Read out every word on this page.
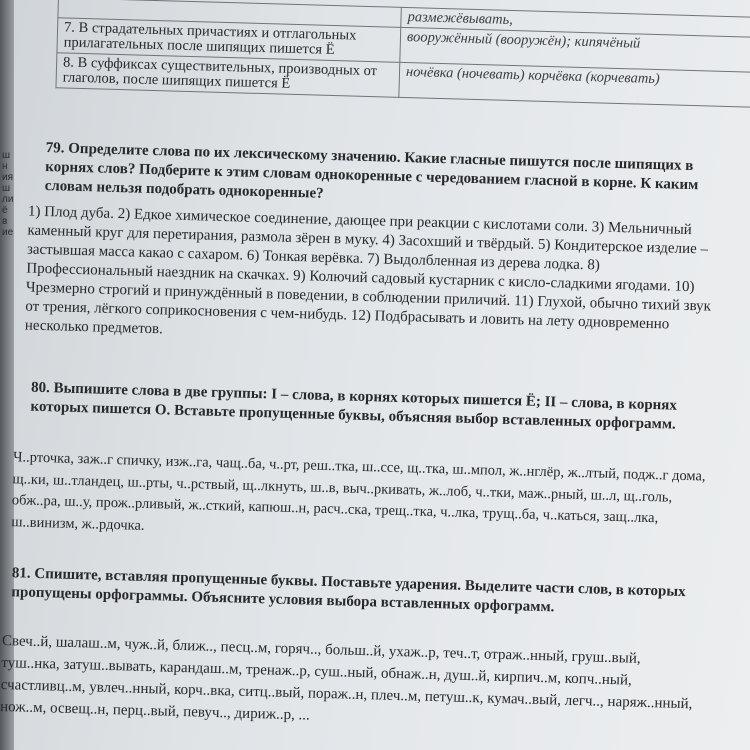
шн ия шли ё в ие
	размежёвывать,
7. В страдательных причастиях и отглагольных прилагательных после шипящих пишется Ё	вооружённый (вооружён); кипячёный
8. В суффиксах существительных, производных от глаголов, после шипящих пишется Ё	ночёвка (ночевать) корчёвка (корчевать)
79. Определите слова по их лексическому значению. Какие гласные пишутся после шипящих в корнях слов? Подберите к этим словам однокоренные с чередованием гласной в корне. К каким словам нельзя подобрать однокоренные?
1) Плод дуба. 2) Едкое химическое соединение, дающее при реакции с кислотами соли. 3) Мельничный каменный круг для перетирания, размола зёрен в муку. 4) Засохший и твёрдый. 5) Кондитерское изделие – застывшая масса какао с сахаром. 6) Тонкая верёвка. 7) Выдолбленная из дерева лодка. 8) Профессиональный наездник на скачках. 9) Колючий садовый кустарник с кисло-сладкими ягодами. 10) Чрезмерно строгий и принуждённый в поведении, в соблюдении приличий. 11) Глухой, обычно тихий звук от трения, лёгкого соприкосновения с чем-нибудь. 12) Подбрасывать и ловить на лету одновременно несколько предметов.
80. Выпишите слова в две группы: I – слова, в корнях которых пишется Ё; II – слова, в корнях которых пишется О. Вставьте пропущенные буквы, объясняя выбор вставленных орфограмм.
Ч..рточка, заж..г спичку, изж..га, чащ..ба, ч..рт, реш..тка, ш..ссе, щ..тка, ш..мпол, ж..нглёр, ж..лтый, подж..г дома, щ..ки, ш..тландец, ш..рты, ч..рствый, щ..лкнуть, ш..в, выч..ркивать, ж..лоб, ч..тки, маж..рный, ш..л, щ..голь, обж..ра, ш..у, прож..рливый, ж..сткий, капюш..н, расч..ска, трещ..тка, ч..лка, трущ..ба, ч..каться, защ..лка, ш..винизм, ж..рдочка.
81. Спишите, вставляя пропущенные буквы. Поставьте ударения. Выделите части слов, в которых пропущены орфограммы. Объясните условия выбора вставленных орфограмм.
Свеч..й, шалаш..м, чуж..й, ближ.., песц..м, горяч.., больш..й, ухаж..р, теч..т, отраж..нный, груш..вый, туш..нка, затуш..вывать, карандаш..м, тренаж..р, суш..ный, обнаж..н, душ..й, кирпич..м, копч..ный, счастливц..м, увлеч..нный, корч..вка, ситц..вый, пораж..н, плеч..м, петуш..к, кумач..вый, легч.., наряж..нный, нож..м, освещ..н, перц..вый, певуч.., дириж..р, ...
